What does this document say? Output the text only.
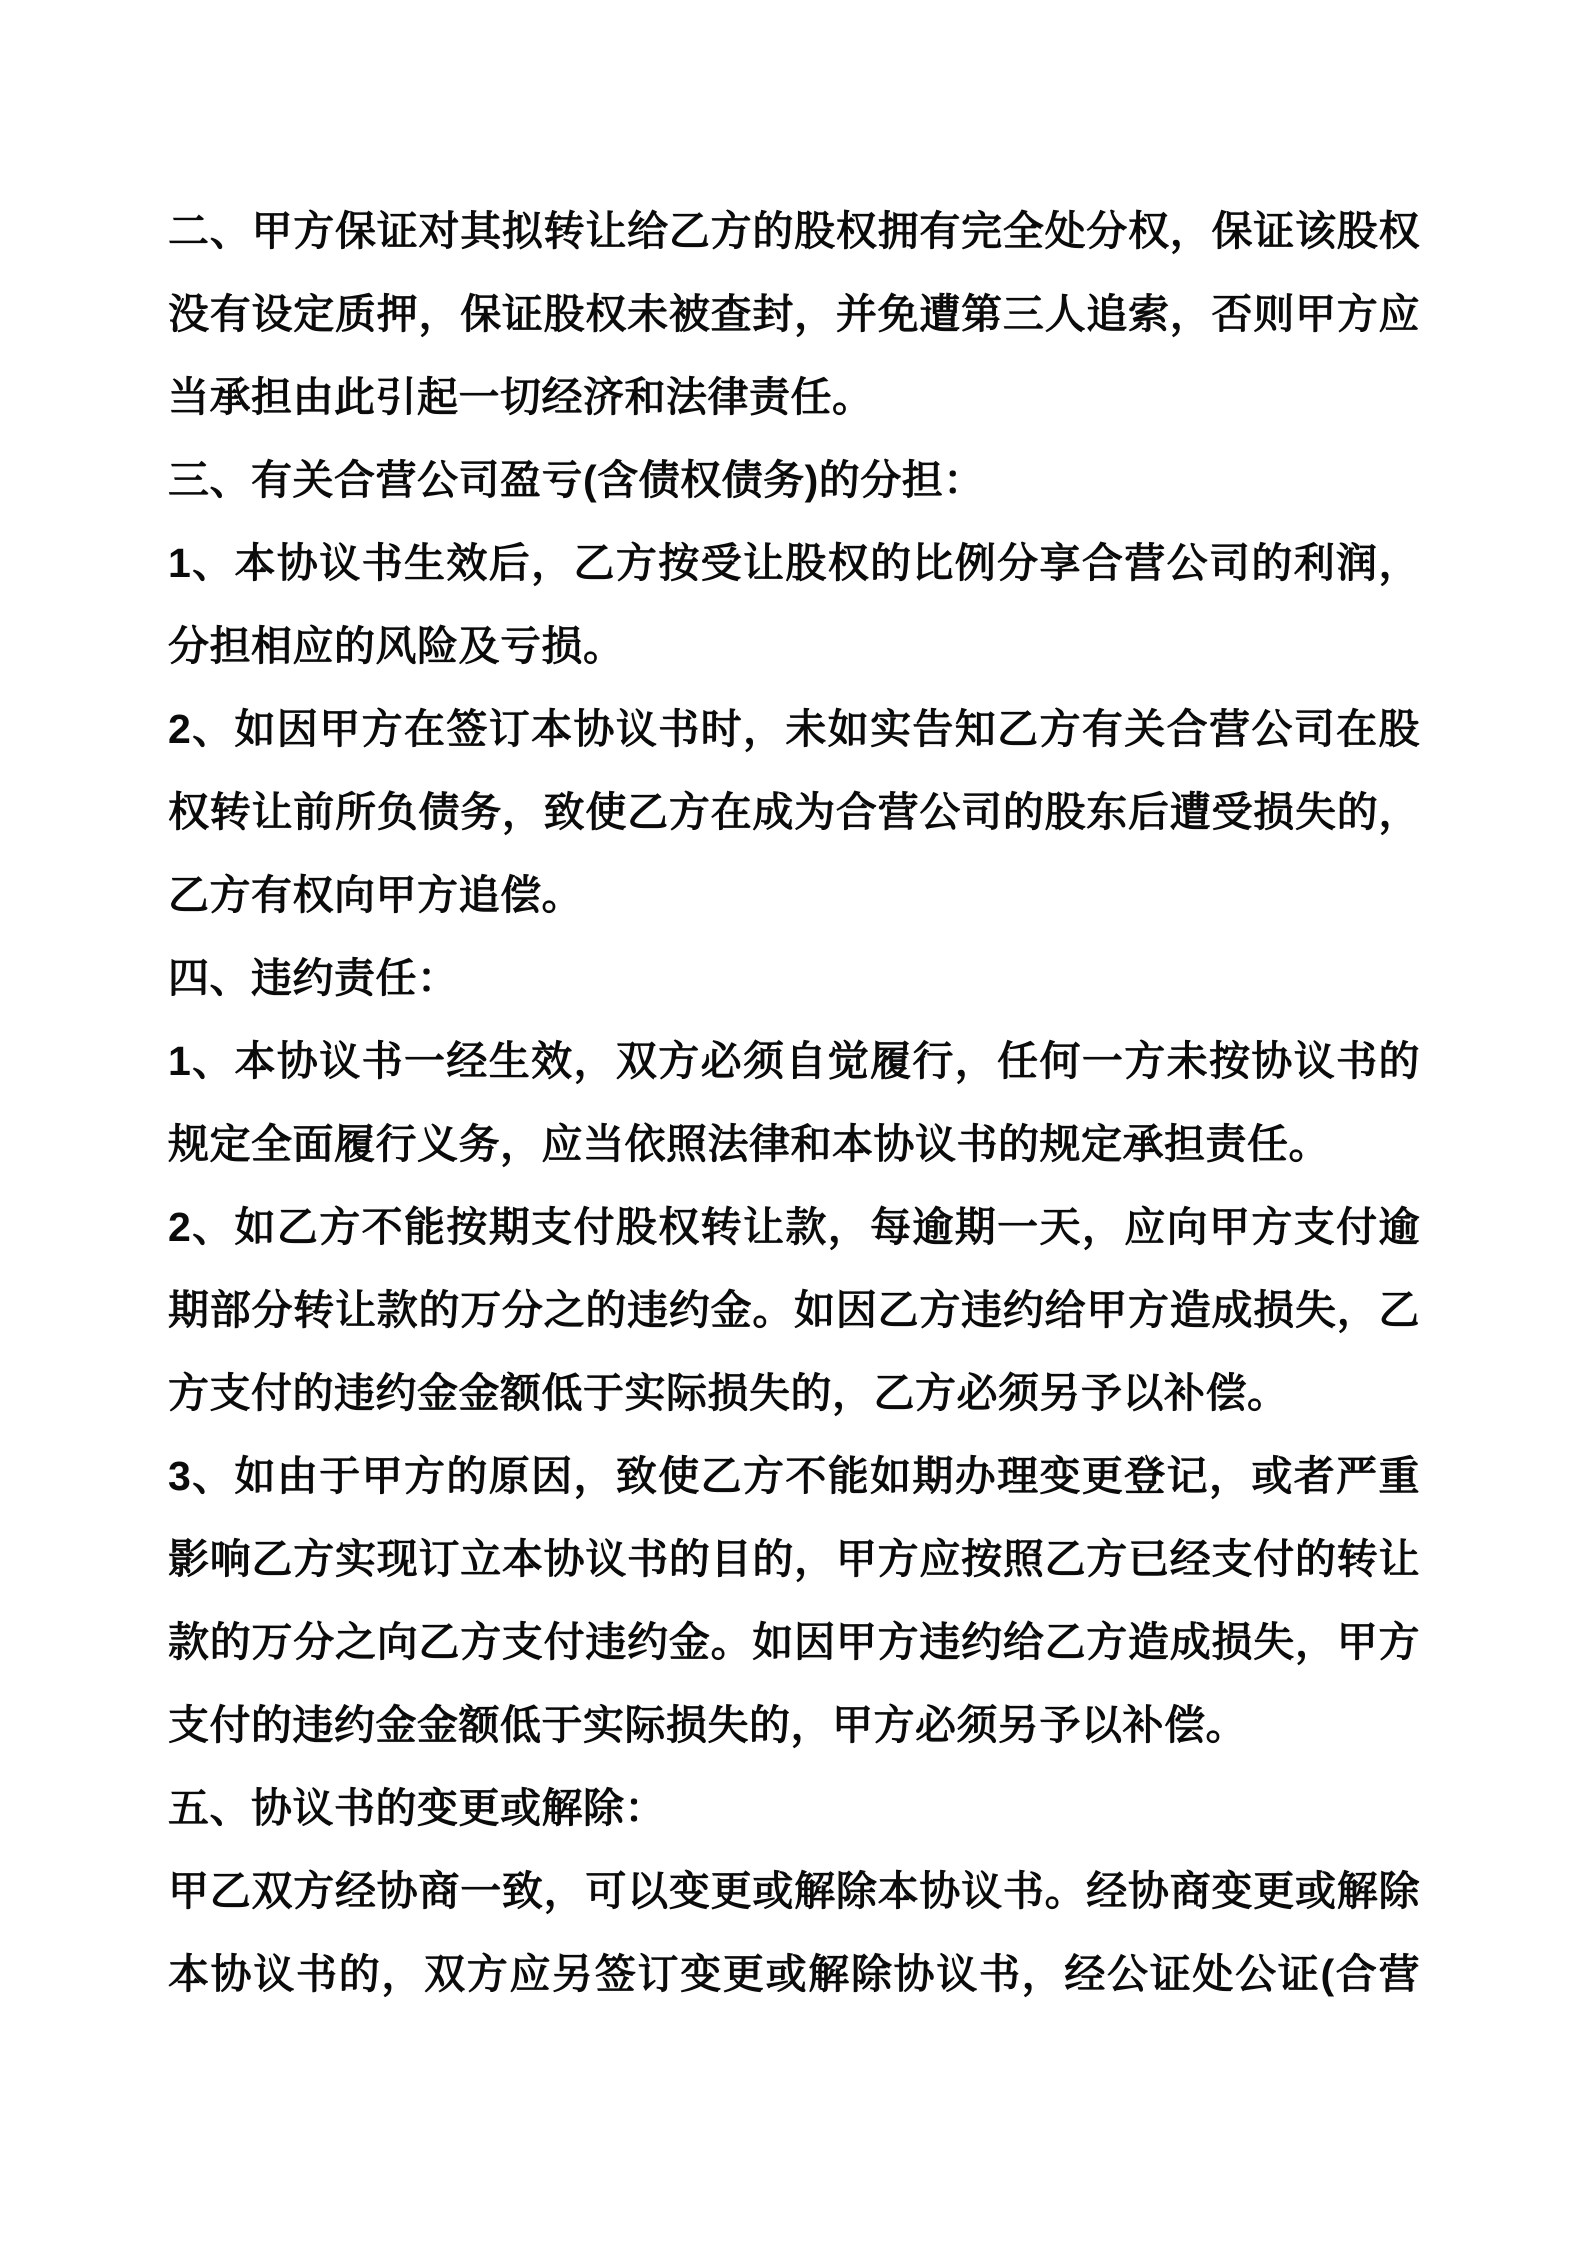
二、甲方保证对其拟转让给乙方的股权拥有完全处分权，保证该股权
没有设定质押，保证股权未被查封，并免遭第三人追索，否则甲方应
当承担由此引起一切经济和法律责任。
三、有关合营公司盈亏(含债权债务)的分担：
1、本协议书生效后，乙方按受让股权的比例分享合营公司的利润，
分担相应的风险及亏损。
2、如因甲方在签订本协议书时，未如实告知乙方有关合营公司在股
权转让前所负债务，致使乙方在成为合营公司的股东后遭受损失的，
乙方有权向甲方追偿。
四、违约责任：
1、本协议书一经生效，双方必须自觉履行，任何一方未按协议书的
规定全面履行义务，应当依照法律和本协议书的规定承担责任。
2、如乙方不能按期支付股权转让款，每逾期一天，应向甲方支付逾
期部分转让款的万分之的违约金。如因乙方违约给甲方造成损失，乙
方支付的违约金金额低于实际损失的，乙方必须另予以补偿。
3、如由于甲方的原因，致使乙方不能如期办理变更登记，或者严重
影响乙方实现订立本协议书的目的，甲方应按照乙方已经支付的转让
款的万分之向乙方支付违约金。如因甲方违约给乙方造成损失，甲方
支付的违约金金额低于实际损失的，甲方必须另予以补偿。
五、协议书的变更或解除：
甲乙双方经协商一致，可以变更或解除本协议书。经协商变更或解除
本协议书的，双方应另签订变更或解除协议书，经公证处公证(合营
